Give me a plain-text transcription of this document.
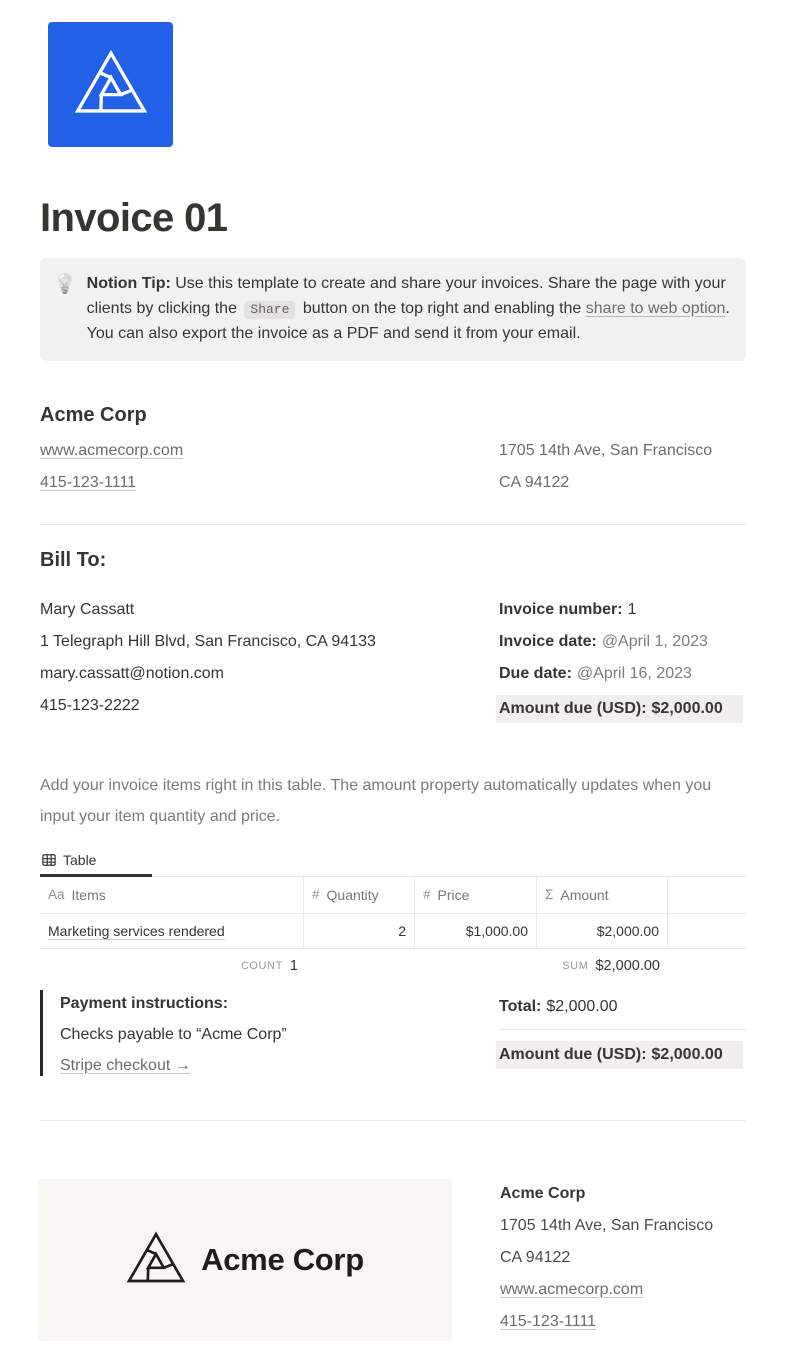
Invoice 01
💡 Notion Tip: Use this template to create and share your invoices. Share the page with your clients by clicking the Share button on the top right and enabling the share to web option. You can also export the invoice as a PDF and send it from your email.
Acme Corp
www.acmecorp.com
415-123-1111
1705 14th Ave, San Francisco
CA 94122
Bill To:
Mary Cassatt
1 Telegraph Hill Blvd, San Francisco, CA 94133
mary.cassatt@notion.com
415-123-2222
Invoice number: 1
Invoice date: @April 1, 2023
Due date: @April 16, 2023
Amount due (USD): $2,000.00

Add your invoice items right in this table. The amount property automatically updates when you input your item quantity and price.

Table
Aa Items	# Quantity	# Price	Σ Amount
Marketing services rendered	2	$1,000.00	$2,000.00
COUNT 1	SUM $2,000.00
Payment instructions:
Checks payable to “Acme Corp”
Stripe checkout →
Total: $2,000.00
Amount due (USD): $2,000.00
Acme Corp
Acme Corp
1705 14th Ave, San Francisco
CA 94122
www.acmecorp.com
415-123-1111
